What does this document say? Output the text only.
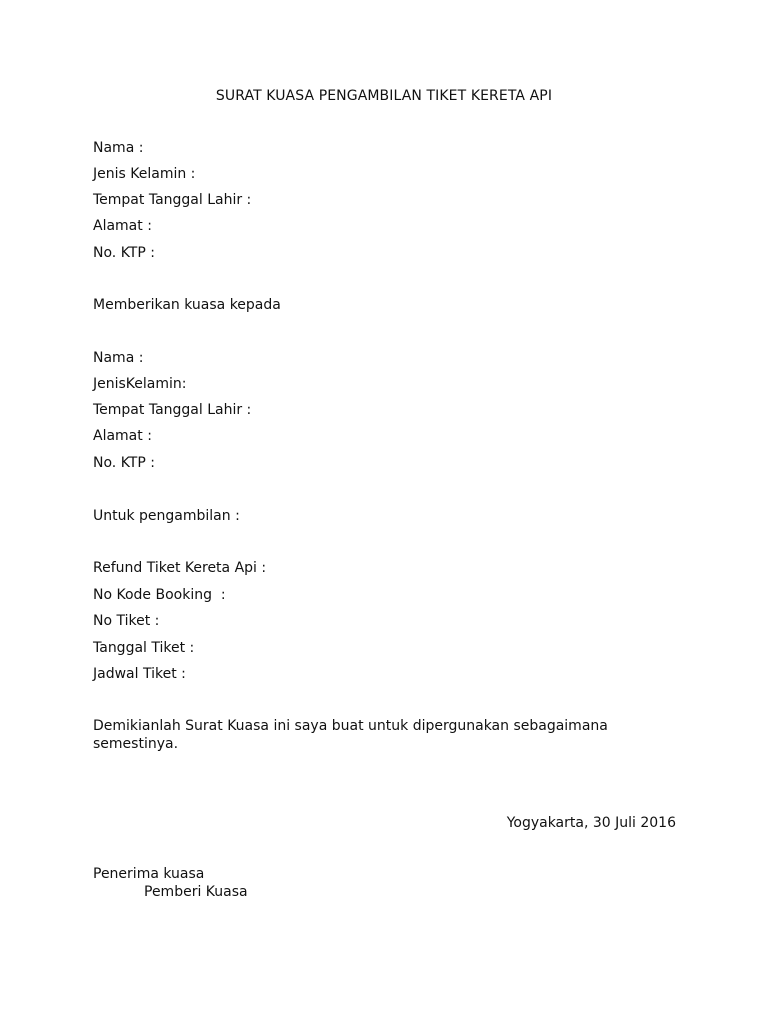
SURAT KUASA PENGAMBILAN TIKET KERETA API
Nama :
Jenis Kelamin :
Tempat Tanggal Lahir :
Alamat :
No. KTP :
Memberikan kuasa kepada
Nama :
JenisKelamin:
Tempat Tanggal Lahir :
Alamat :
No. KTP :
Untuk pengambilan :
Refund Tiket Kereta Api :
No Kode Booking  :
No Tiket :
Tanggal Tiket :
Jadwal Tiket :
Demikianlah Surat Kuasa ini saya buat untuk dipergunakan sebagaimana semestinya.
Yogyakarta, 30 Juli 2016
Penerima kuasa
Pemberi Kuasa
